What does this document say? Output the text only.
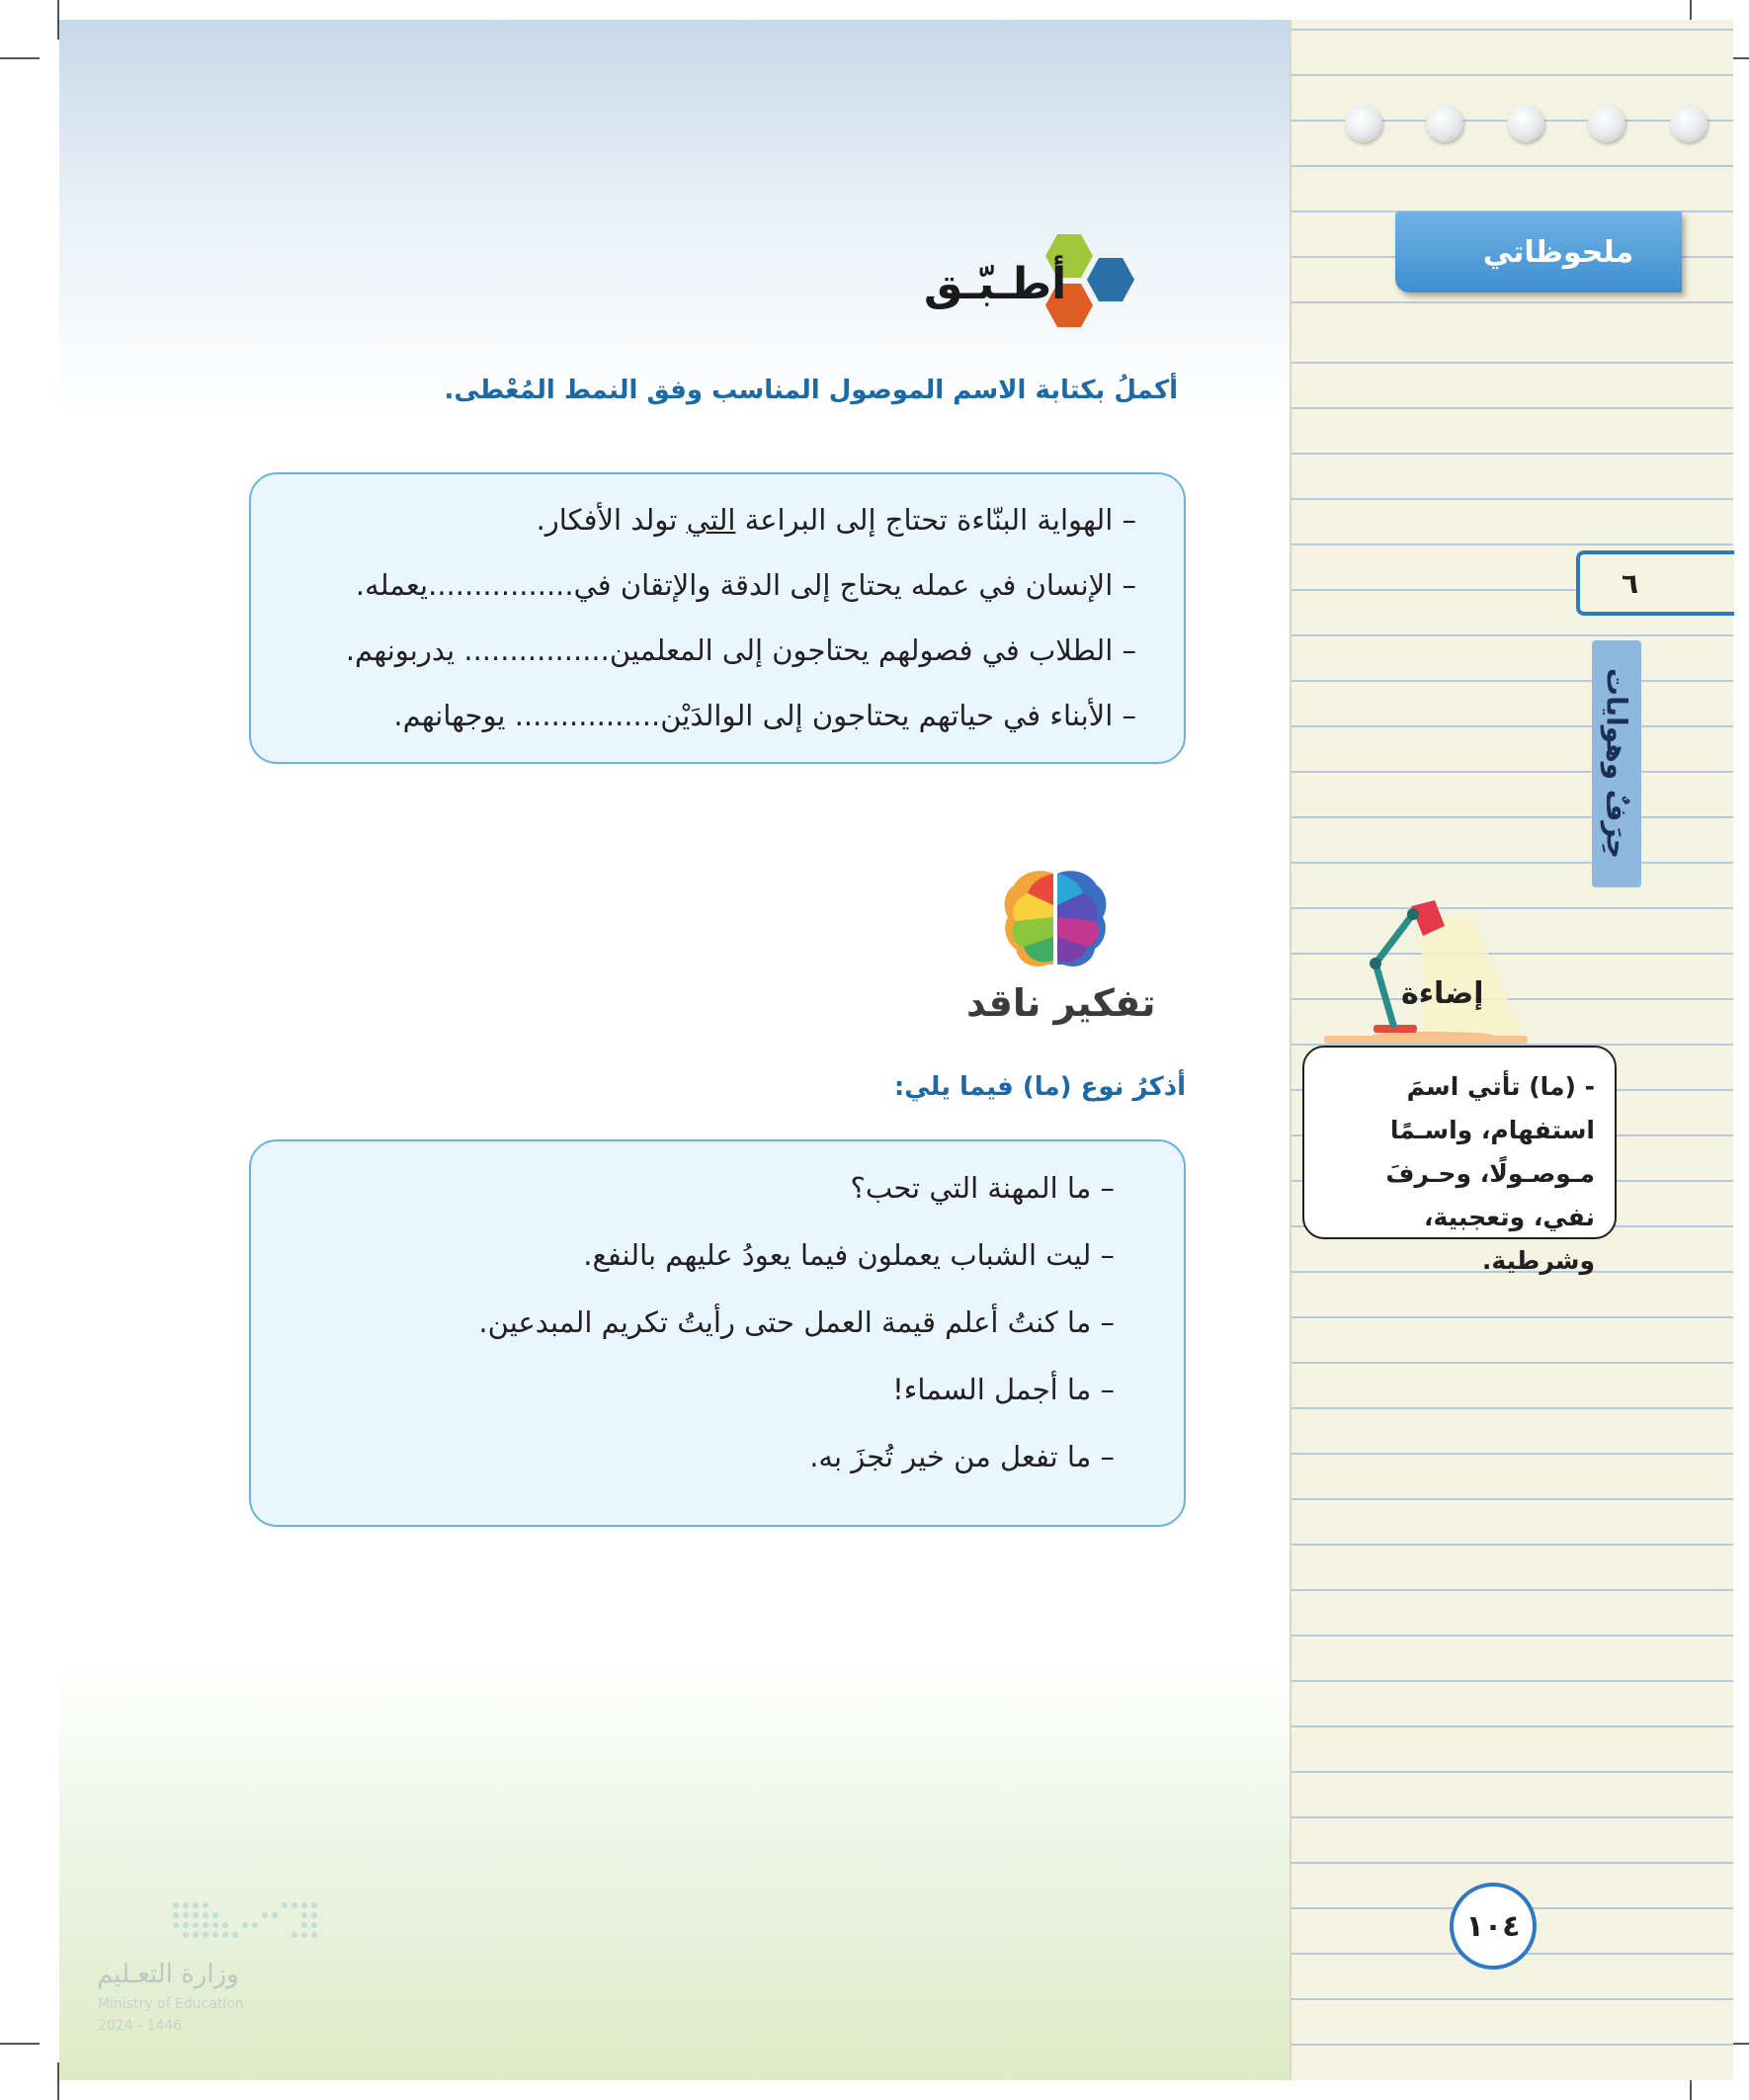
ملحوظاتي
٦
حِرَفٌ وهوايات
إضاءة
- (ما) تأتي اسمَ استفهام، واسـمًا مـوصـولًا، وحـرفَ نفي، وتعجبية، وشرطية.
١٠٤
أطـبّـق
أكملُ بكتابة الاسم الموصول المناسب وفق النمط المُعْطى.
– الهواية البنّاءة تحتاج إلى البراعة التي تولد الأفكار.
– الإنسان في عمله يحتاج إلى الدقة والإتقان في................يعمله.
– الطلاب في فصولهم يحتاجون إلى المعلمين................ يدربونهم.
– الأبناء في حياتهم يحتاجون إلى الوالدَيْن................ يوجهانهم.
تفكير ناقد
أذكرُ نوع (ما) فيما يلي:
– ما المهنة التي تحب؟
– ليت الشباب يعملون فيما يعودُ عليهم بالنفع.
– ما كنتُ أعلم قيمة العمل حتى رأيتُ تكريم المبدعين.
– ما أجمل السماء!
– ما تفعل من خير تُجزَ به.
وزارة التعـليم
Ministry of Education
2024 - 1446
